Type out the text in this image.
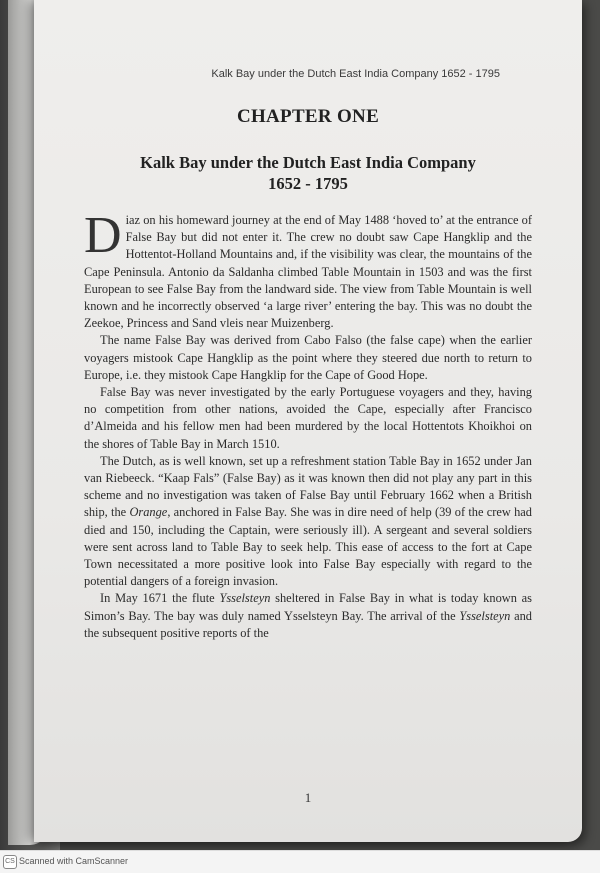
Kalk Bay under the Dutch East India Company 1652 - 1795
CHAPTER ONE
Kalk Bay under the Dutch East India Company
1652 - 1795

Diaz on his homeward journey at the end of May 1488 ‘hoved to’ at the entrance of False Bay but did not enter it. The crew no doubt saw Cape Hangklip and the Hottentot-Holland Mountains and, if the visibility was clear, the mountains of the Cape Peninsula. Antonio da Saldanha climbed Table Mountain in 1503 and was the first European to see False Bay from the landward side. The view from Table Mountain is well known and he incorrectly observed ‘a large river’ entering the bay. This was no doubt the Zeekoe, Princess and Sand vleis near Muizenberg.

The name False Bay was derived from Cabo Falso (the false cape) when the earlier voyagers mistook Cape Hangklip as the point where they steered due north to return to Europe, i.e. they mistook Cape Hangklip for the Cape of Good Hope.

False Bay was never investigated by the early Portuguese voyagers and they, having no competition from other nations, avoided the Cape, especially after Francisco d’Almeida and his fellow men had been murdered by the local Hottentots Khoikhoi on the shores of Table Bay in March 1510.

The Dutch, as is well known, set up a refreshment station Table Bay in 1652 under Jan van Riebeeck. “Kaap Fals” (False Bay) as it was known then did not play any part in this scheme and no investigation was taken of False Bay until February 1662 when a British ship, the Orange, anchored in False Bay. She was in dire need of help (39 of the crew had died and 150, including the Captain, were seriously ill). A sergeant and several soldiers were sent across land to Table Bay to seek help. This ease of access to the fort at Cape Town necessitated a more positive look into False Bay especially with regard to the potential dangers of a foreign invasion.

In May 1671 the flute Ysselsteyn sheltered in False Bay in what is today known as Simon’s Bay. The bay was duly named Ysselsteyn Bay. The arrival of the Ysselsteyn and the subsequent positive reports of the

1
CS Scanned with CamScanner
